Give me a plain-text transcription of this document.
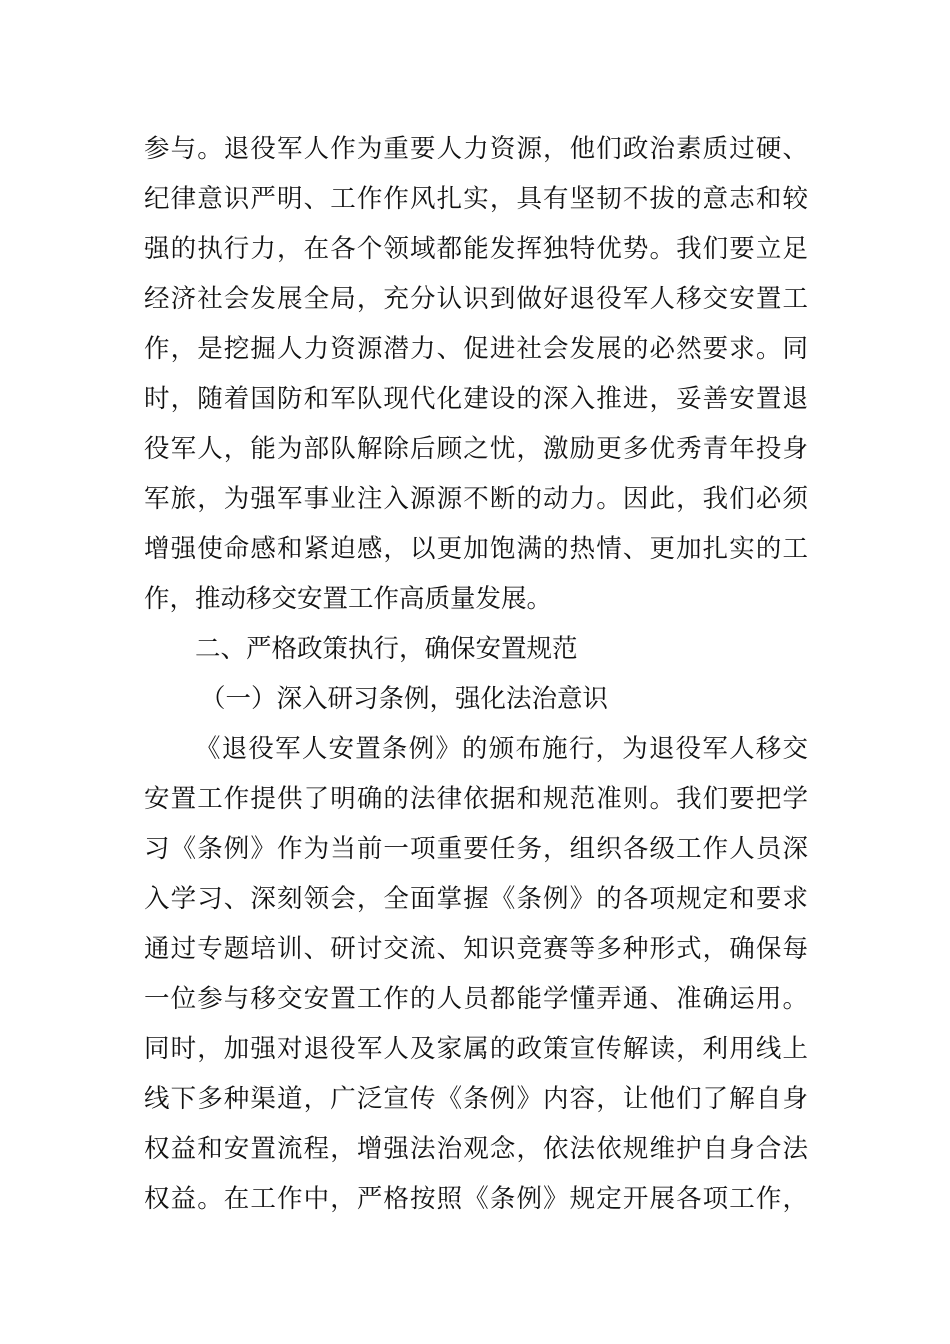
参与。退役军人作为重要人力资源，他们政治素质过硬、
纪律意识严明、工作作风扎实，具有坚韧不拔的意志和较
强的执行力，在各个领域都能发挥独特优势。我们要立足
经济社会发展全局，充分认识到做好退役军人移交安置工
作，是挖掘人力资源潜力、促进社会发展的必然要求。同
时，随着国防和军队现代化建设的深入推进，妥善安置退
役军人，能为部队解除后顾之忧，激励更多优秀青年投身
军旅，为强军事业注入源源不断的动力。因此，我们必须
增强使命感和紧迫感，以更加饱满的热情、更加扎实的工
作，推动移交安置工作高质量发展。
二、严格政策执行，确保安置规范
（一）深入研习条例，强化法治意识
《退役军人安置条例》的颁布施行，为退役军人移交
安置工作提供了明确的法律依据和规范准则。我们要把学
习《条例》作为当前一项重要任务，组织各级工作人员深
入学习、深刻领会，全面掌握《条例》的各项规定和要求
通过专题培训、研讨交流、知识竞赛等多种形式，确保每
一位参与移交安置工作的人员都能学懂弄通、准确运用。
同时，加强对退役军人及家属的政策宣传解读，利用线上
线下多种渠道，广泛宣传《条例》内容，让他们了解自身
权益和安置流程，增强法治观念，依法依规维护自身合法
权益。在工作中，严格按照《条例》规定开展各项工作，
